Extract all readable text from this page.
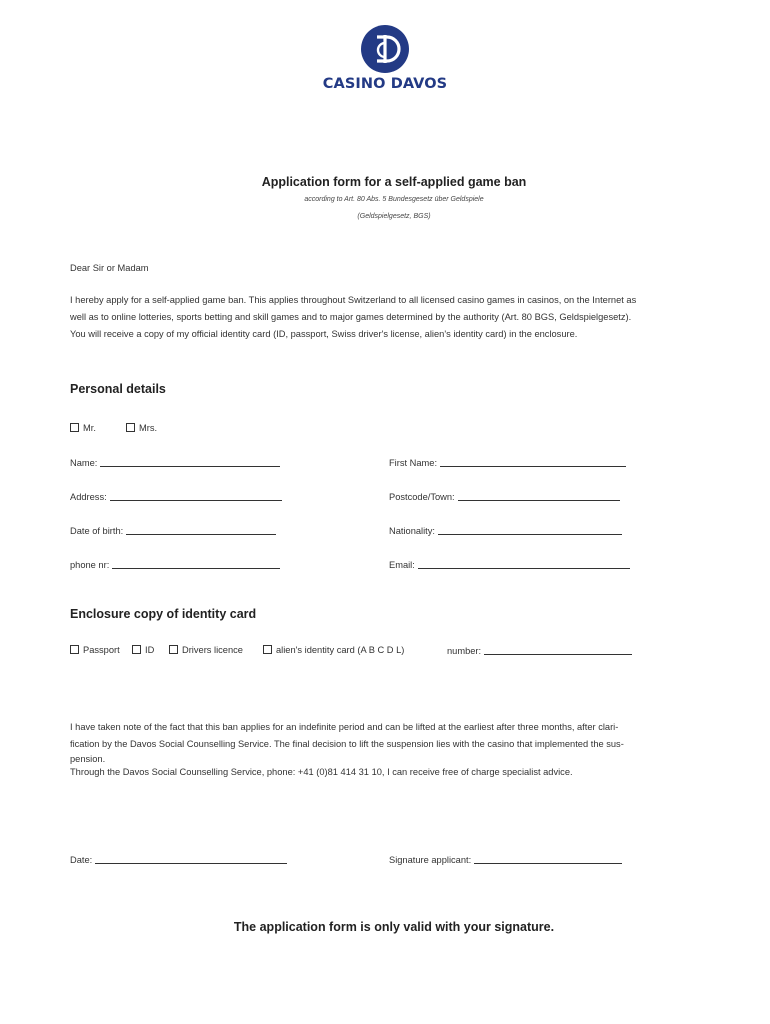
CASINO DAVOS
Application form for a self-applied game ban
according to Art. 80 Abs. 5 Bundesgesetz über Geldspiele
(Geldspielgesetz, BGS)
Dear Sir or Madam
I hereby apply for a self-applied game ban. This applies throughout Switzerland to all licensed casino games in casinos, on the Internet as
well as to online lotteries, sports betting and skill games and to major games determined by the authority (Art. 80 BGS, Geldspielgesetz).
You will receive a copy of my official identity card (ID, passport, Swiss driver's license, alien's identity card) in the enclosure.
Personal details
Mr.	Mrs.
Name:	First Name:
Address:	Postcode/Town:
Date of birth:	Nationality:
phone nr:	Email:
Enclosure copy of identity card
Passport	ID	Drivers licence	alien's identity card (A B C D L)	number:
I have taken note of the fact that this ban applies for an indefinite period and can be lifted at the earliest after three months, after clari-
fication by the Davos Social Counselling Service. The final decision to lift the suspension lies with the casino that implemented the sus-
pension.
Through the Davos Social Counselling Service, phone: +41 (0)81 414 31 10, I can receive free of charge specialist advice.
Date:	Signature applicant:
The application form is only valid with your signature.
